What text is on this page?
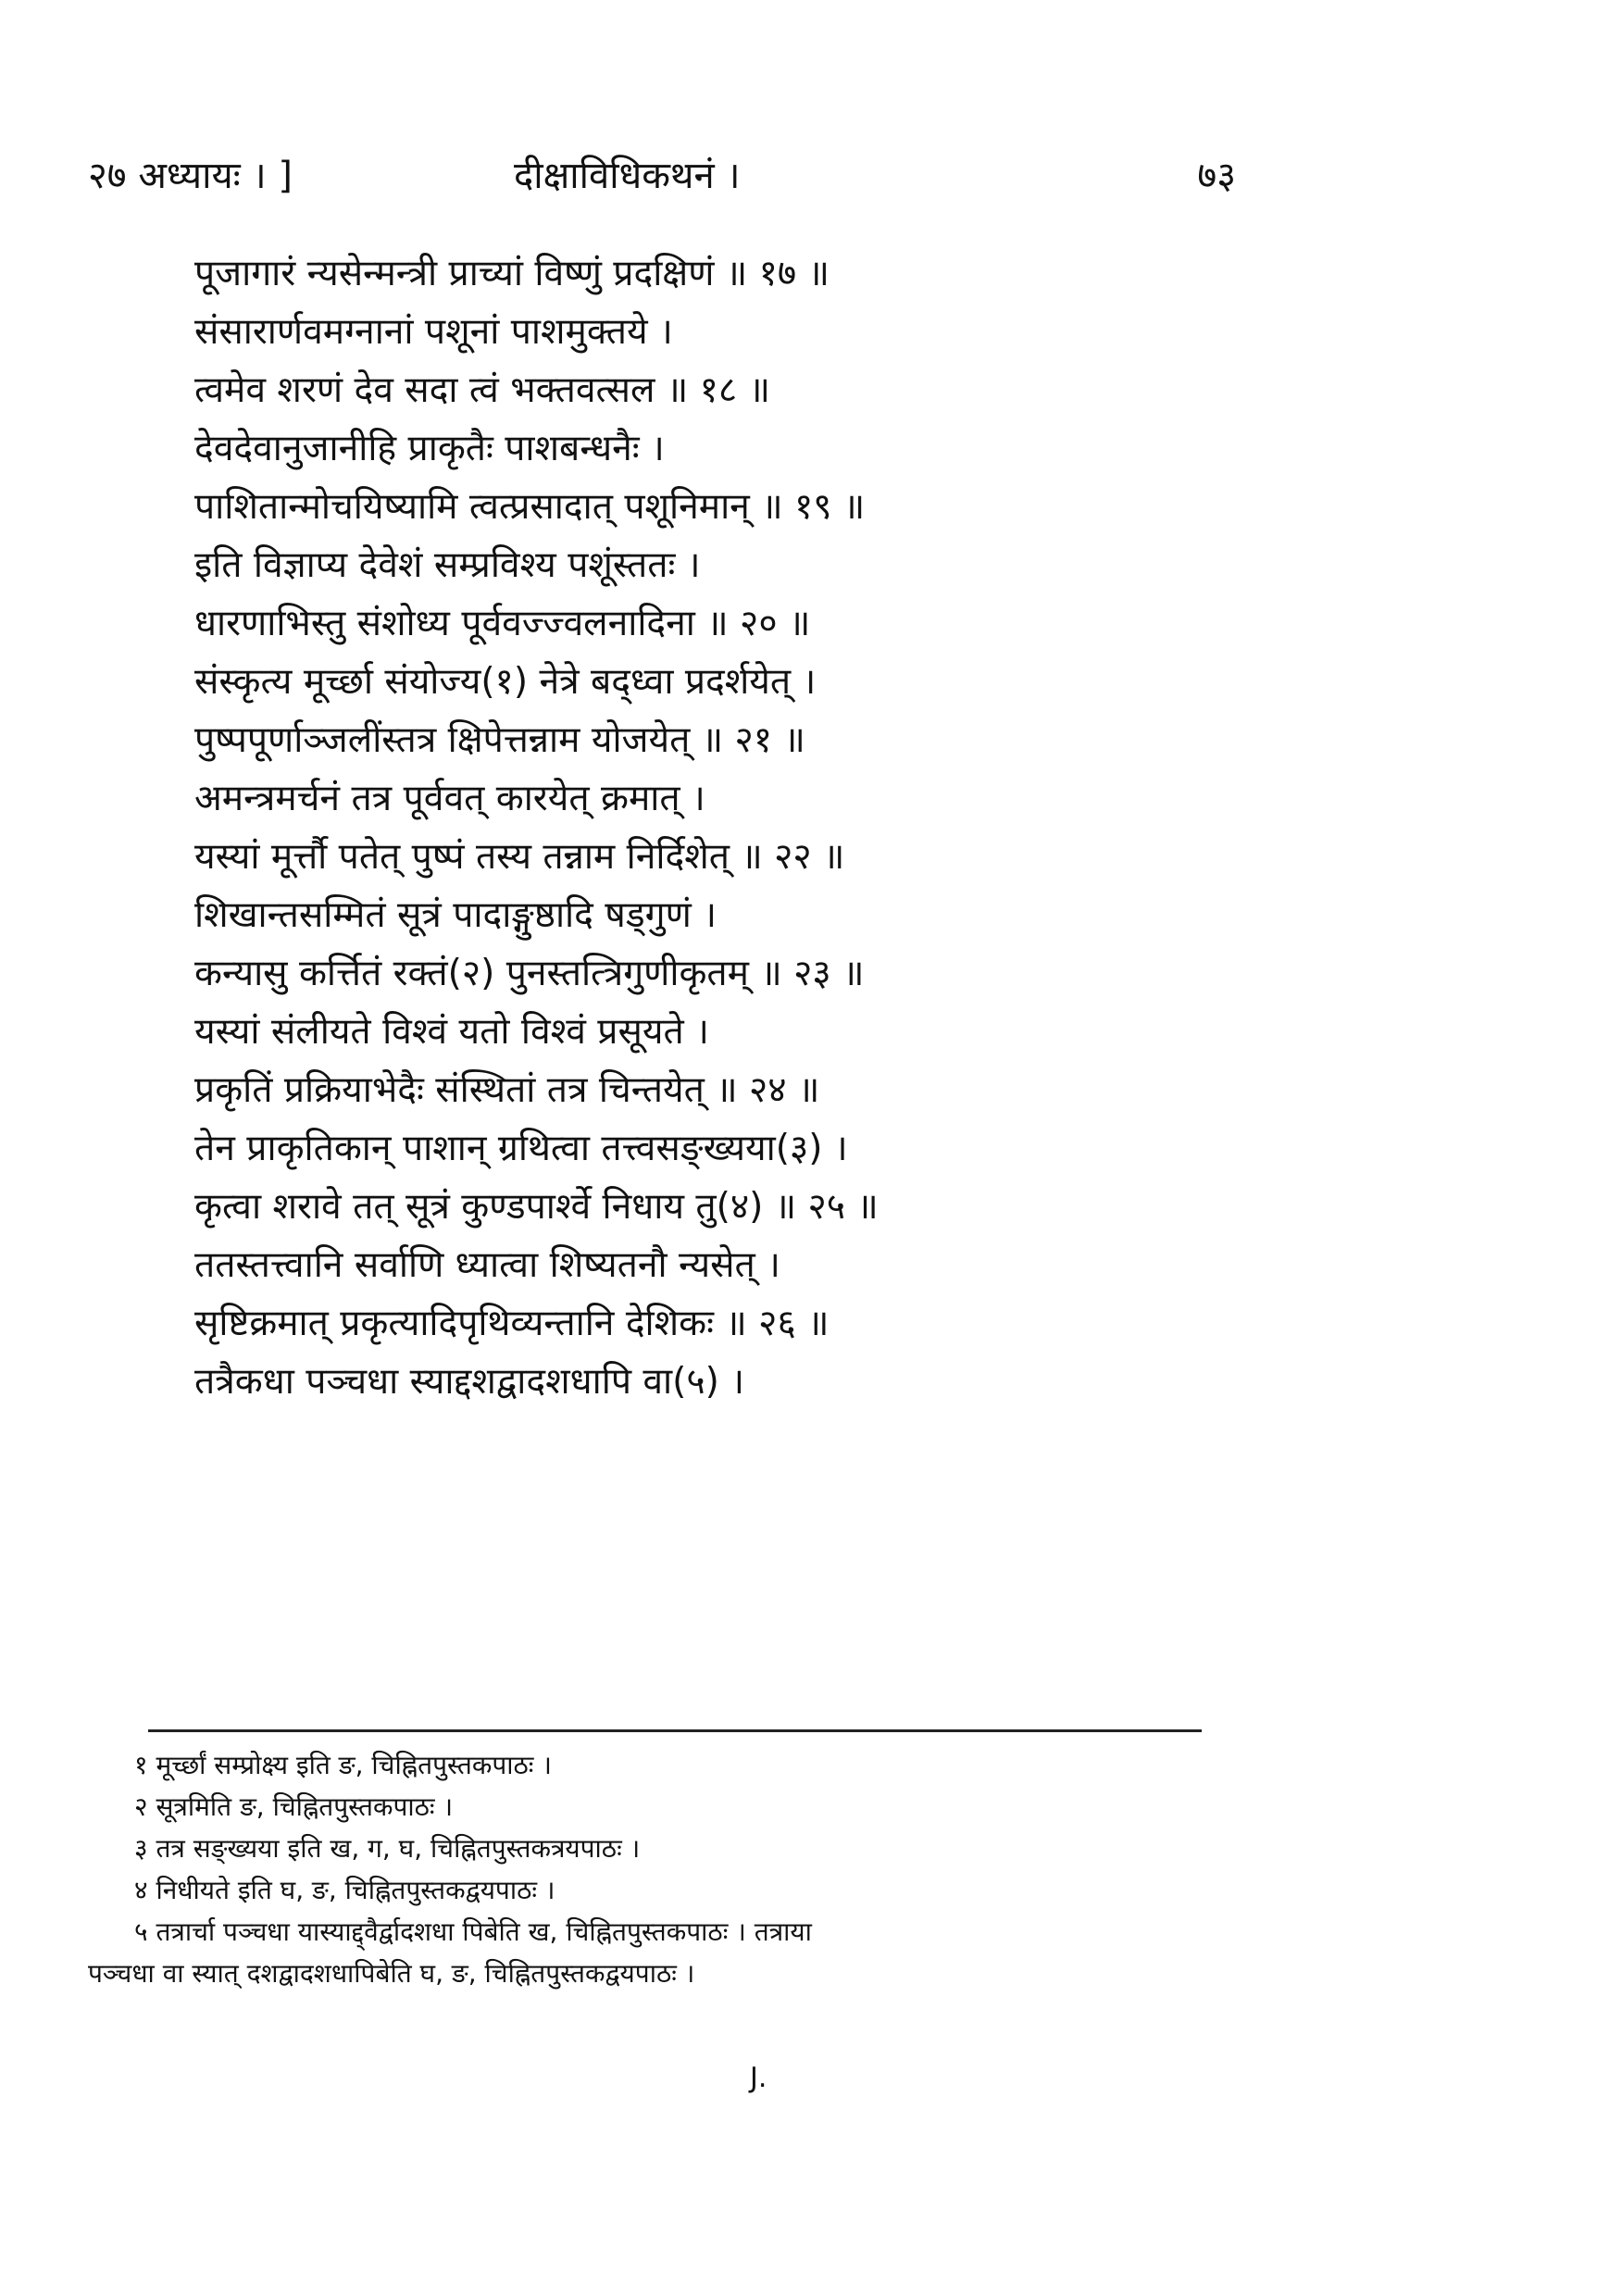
२७ अध्यायः । ]	दीक्षाविधिकथनं ।	७३
पूजागारं न्यसेन्मन्त्री प्राच्यां विष्णुं प्रदक्षिणं ॥ १७ ॥
संसारार्णवमग्नानां पशूनां पाशमुक्तये ।
त्वमेव शरणं देव सदा त्वं भक्तवत्सल ॥ १८ ॥
देवदेवानुजानीहि प्राकृतैः पाशबन्धनैः ।
पाशितान्मोचयिष्यामि त्वत्प्रसादात् पशूनिमान् ॥ १९ ॥
इति विज्ञाप्य देवेशं सम्प्रविश्य पशूंस्ततः ।
धारणाभिस्तु संशोध्य पूर्ववज्ज्वलनादिना ॥ २० ॥
संस्कृत्य मूर्च्छा संयोज्य(१) नेत्रे बद्ध्वा प्रदर्शयेत् ।
पुष्पपूर्णाञ्जलींस्तत्र क्षिपेत्तन्नाम योजयेत् ॥ २१ ॥
अमन्त्रमर्चनं तत्र पूर्ववत् कारयेत् क्रमात् ।
यस्यां मूर्त्तौ पतेत् पुष्पं तस्य तन्नाम निर्दिशेत् ॥ २२ ॥
शिखान्तसम्मितं सूत्रं पादाङ्गुष्ठादि षड्गुणं ।
कन्यासु कर्त्तितं रक्तं(२) पुनस्तत्त्रिगुणीकृतम् ॥ २३ ॥
यस्यां संलीयते विश्वं यतो विश्वं प्रसूयते ।
प्रकृतिं प्रक्रियाभेदैः संस्थितां तत्र चिन्तयेत् ॥ २४ ॥
तेन प्राकृतिकान् पाशान् ग्रथित्वा तत्त्वसङ्ख्यया(३) ।
कृत्वा शरावे तत् सूत्रं कुण्डपार्श्वे निधाय तु(४) ॥ २५ ॥
ततस्तत्त्वानि सर्वाणि ध्यात्वा शिष्यतनौ न्यसेत् ।
सृष्टिक्रमात् प्रकृत्यादिपृथिव्यन्तानि देशिकः ॥ २६ ॥
तत्रैकधा पञ्चधा स्याद्दशद्वादशधापि वा(५) ।
१ मूर्च्छां सम्प्रोक्ष्य इति ङ, चिह्नितपुस्तकपाठः ।
२ सूत्रमिति ङ, चिह्नितपुस्तकपाठः ।
३ तत्र सङ्ख्यया इति ख, ग, घ, चिह्नितपुस्तकत्रयपाठः ।
४ निधीयते इति घ, ङ, चिह्नितपुस्तकद्वयपाठः ।
५ तत्रार्चा पञ्चधा यास्याद्द्वैर्द्वादशधा पिबेति ख, चिह्नितपुस्तकपाठः । तत्राया
पञ्चधा वा स्यात् दशद्वादशधापिबेति घ, ङ, चिह्नितपुस्तकद्वयपाठः ।
J.
